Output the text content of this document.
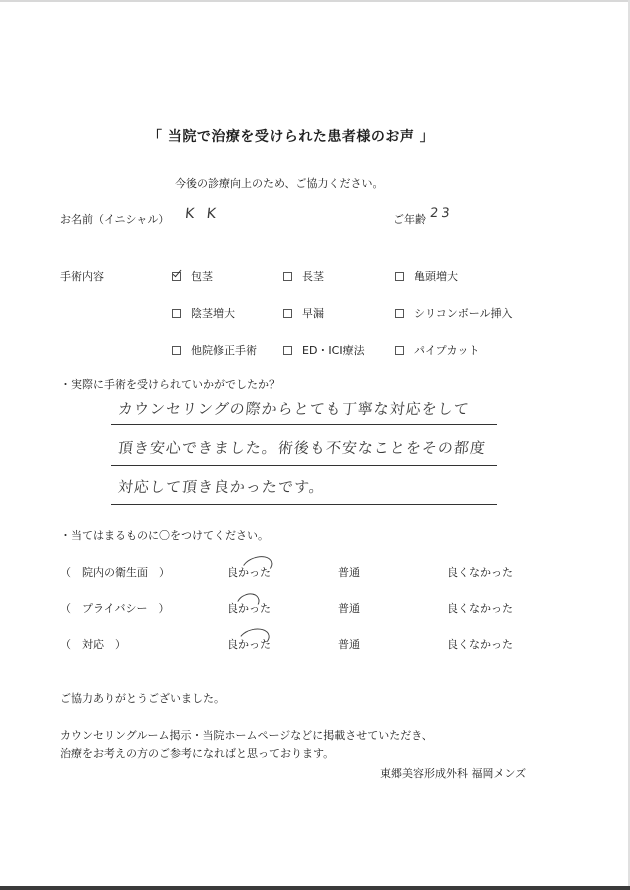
「 当院で治療を受けられた患者様のお声 」
今後の診療向上のため、ご協力ください。
お名前（イニシャル） K K	ご年齢 23
手術内容	包茎	長茎	亀頭増大
陰茎増大	早漏	シリコンボール挿入
他院修正手術	ED・ICI療法	パイプカット
・実際に手術を受けられていかがでしたか？
カウンセリングの際からとても丁寧な対応をして
頂き安心できました。術後も不安なことをその都度
対応して頂き良かったです。
・当てはまるものに〇をつけてください。
（　院内の衛生面　）	良かった	普通	良くなかった
（　プライバシー　）	良かった	普通	良くなかった
（　対応　）	良かった	普通	良くなかった
ご協力ありがとうございました。
カウンセリングルーム掲示・当院ホームページなどに掲載させていただき、
治療をお考えの方のご参考になればと思っております。
東郷美容形成外科 福岡メンズ
